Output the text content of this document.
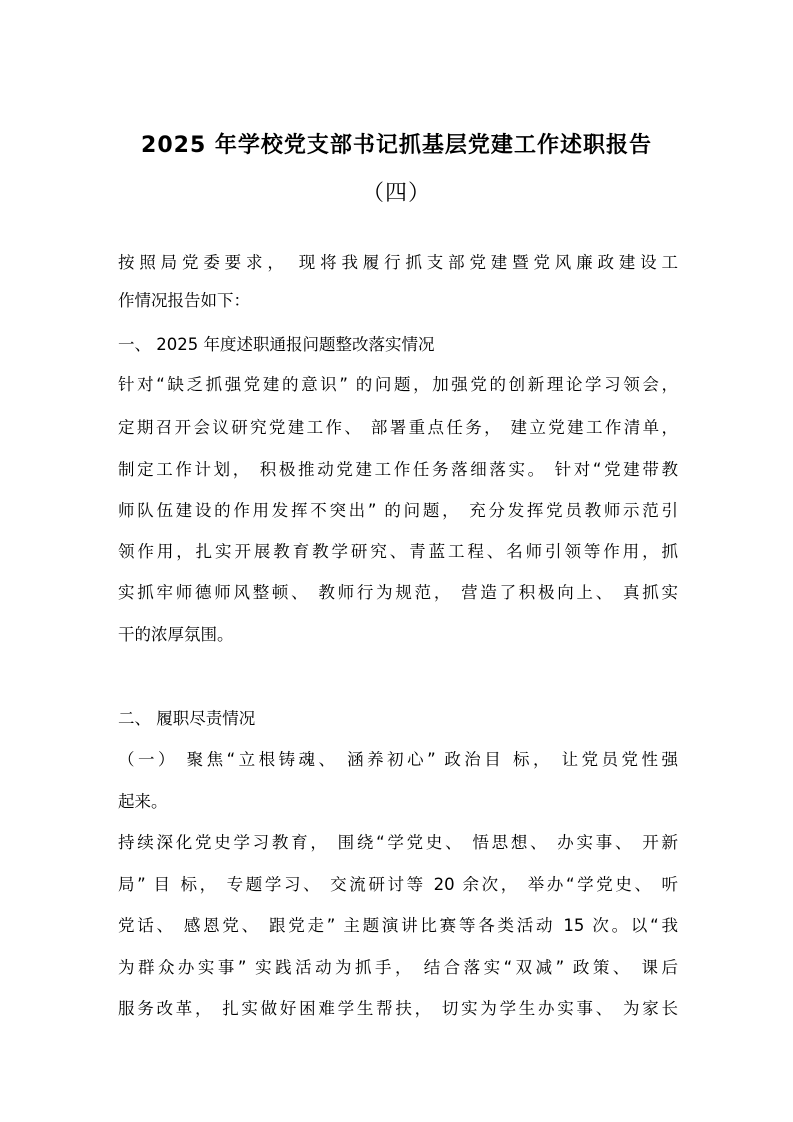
2025 年学校党支部书记抓基层党建工作述职报告
（四）
按照局党委要求， 现将我履行抓支部党建暨党风廉政建设工
作情况报告如下：
一、 2025 年度述职通报问题整改落实情况
针对“缺乏抓强党建的意识” 的问题，加强党的创新理论学习领会，
定期召开会议研究党建工作、 部署重点任务， 建立党建工作清单，
制定工作计划， 积极推动党建工作任务落细落实。 针对“党建带教
师队伍建设的作用发挥不突出” 的问题， 充分发挥党员教师示范引
领作用，扎实开展教育教学研究、青蓝工程、名师引领等作用，抓
实抓牢师德师风整顿、 教师行为规范， 营造了积极向上、 真抓实
干的浓厚氛围。
二、 履职尽责情况
（一） 聚焦“立根铸魂、 涵养初心” 政治目 标， 让党员党性强
起来。
持续深化党史学习教育， 围绕“学党史、 悟思想、 办实事、 开新
局” 目 标， 专题学习、 交流研讨等 20 余次， 举办“学党史、 听
党话、 感恩党、 跟党走” 主题演讲比赛等各类活动 15 次。以“我
为群众办实事” 实践活动为抓手， 结合落实“双减” 政策、 课后
服务改革， 扎实做好困难学生帮扶， 切实为学生办实事、 为家长
